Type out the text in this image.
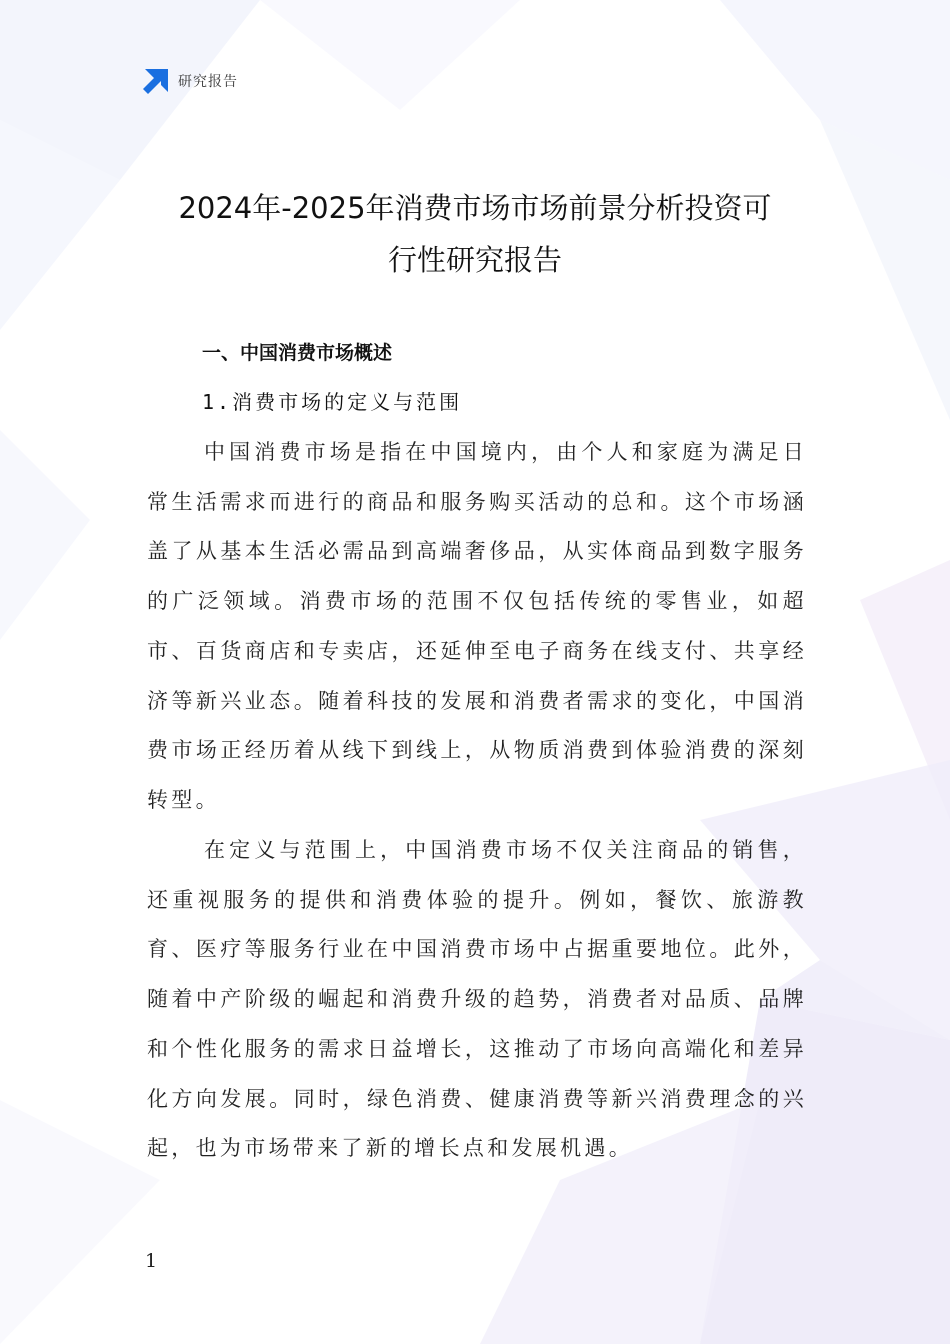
研究报告
2024年-2025年消费市场市场前景分析投资可
行性研究报告
一、中国消费市场概述
1.消费市场的定义与范围

中国消费市场是指在中国境内，由个人和家庭为满足日常生活需求而进行的商品和服务购买活动的总和。这个市场涵盖了从基本生活必需品到高端奢侈品，从实体商品到数字服务的广泛领域。消费市场的范围不仅包括传统的零售业，如超市、百货商店和专卖店，还延伸至电子商务在线支付、共享经济等新兴业态。随着科技的发展和消费者需求的变化，中国消费市场正经历着从线下到线上，从物质消费到体验消费的深刻转型。

在定义与范围上，中国消费市场不仅关注商品的销售，还重视服务的提供和消费体验的提升。例如，餐饮、旅游教育、医疗等服务行业在中国消费市场中占据重要地位。此外，随着中产阶级的崛起和消费升级的趋势，消费者对品质、品牌和个性化服务的需求日益增长，这推动了市场向高端化和差异化方向发展。同时，绿色消费、健康消费等新兴消费理念的兴起，也为市场带来了新的增长点和发展机遇。

1
